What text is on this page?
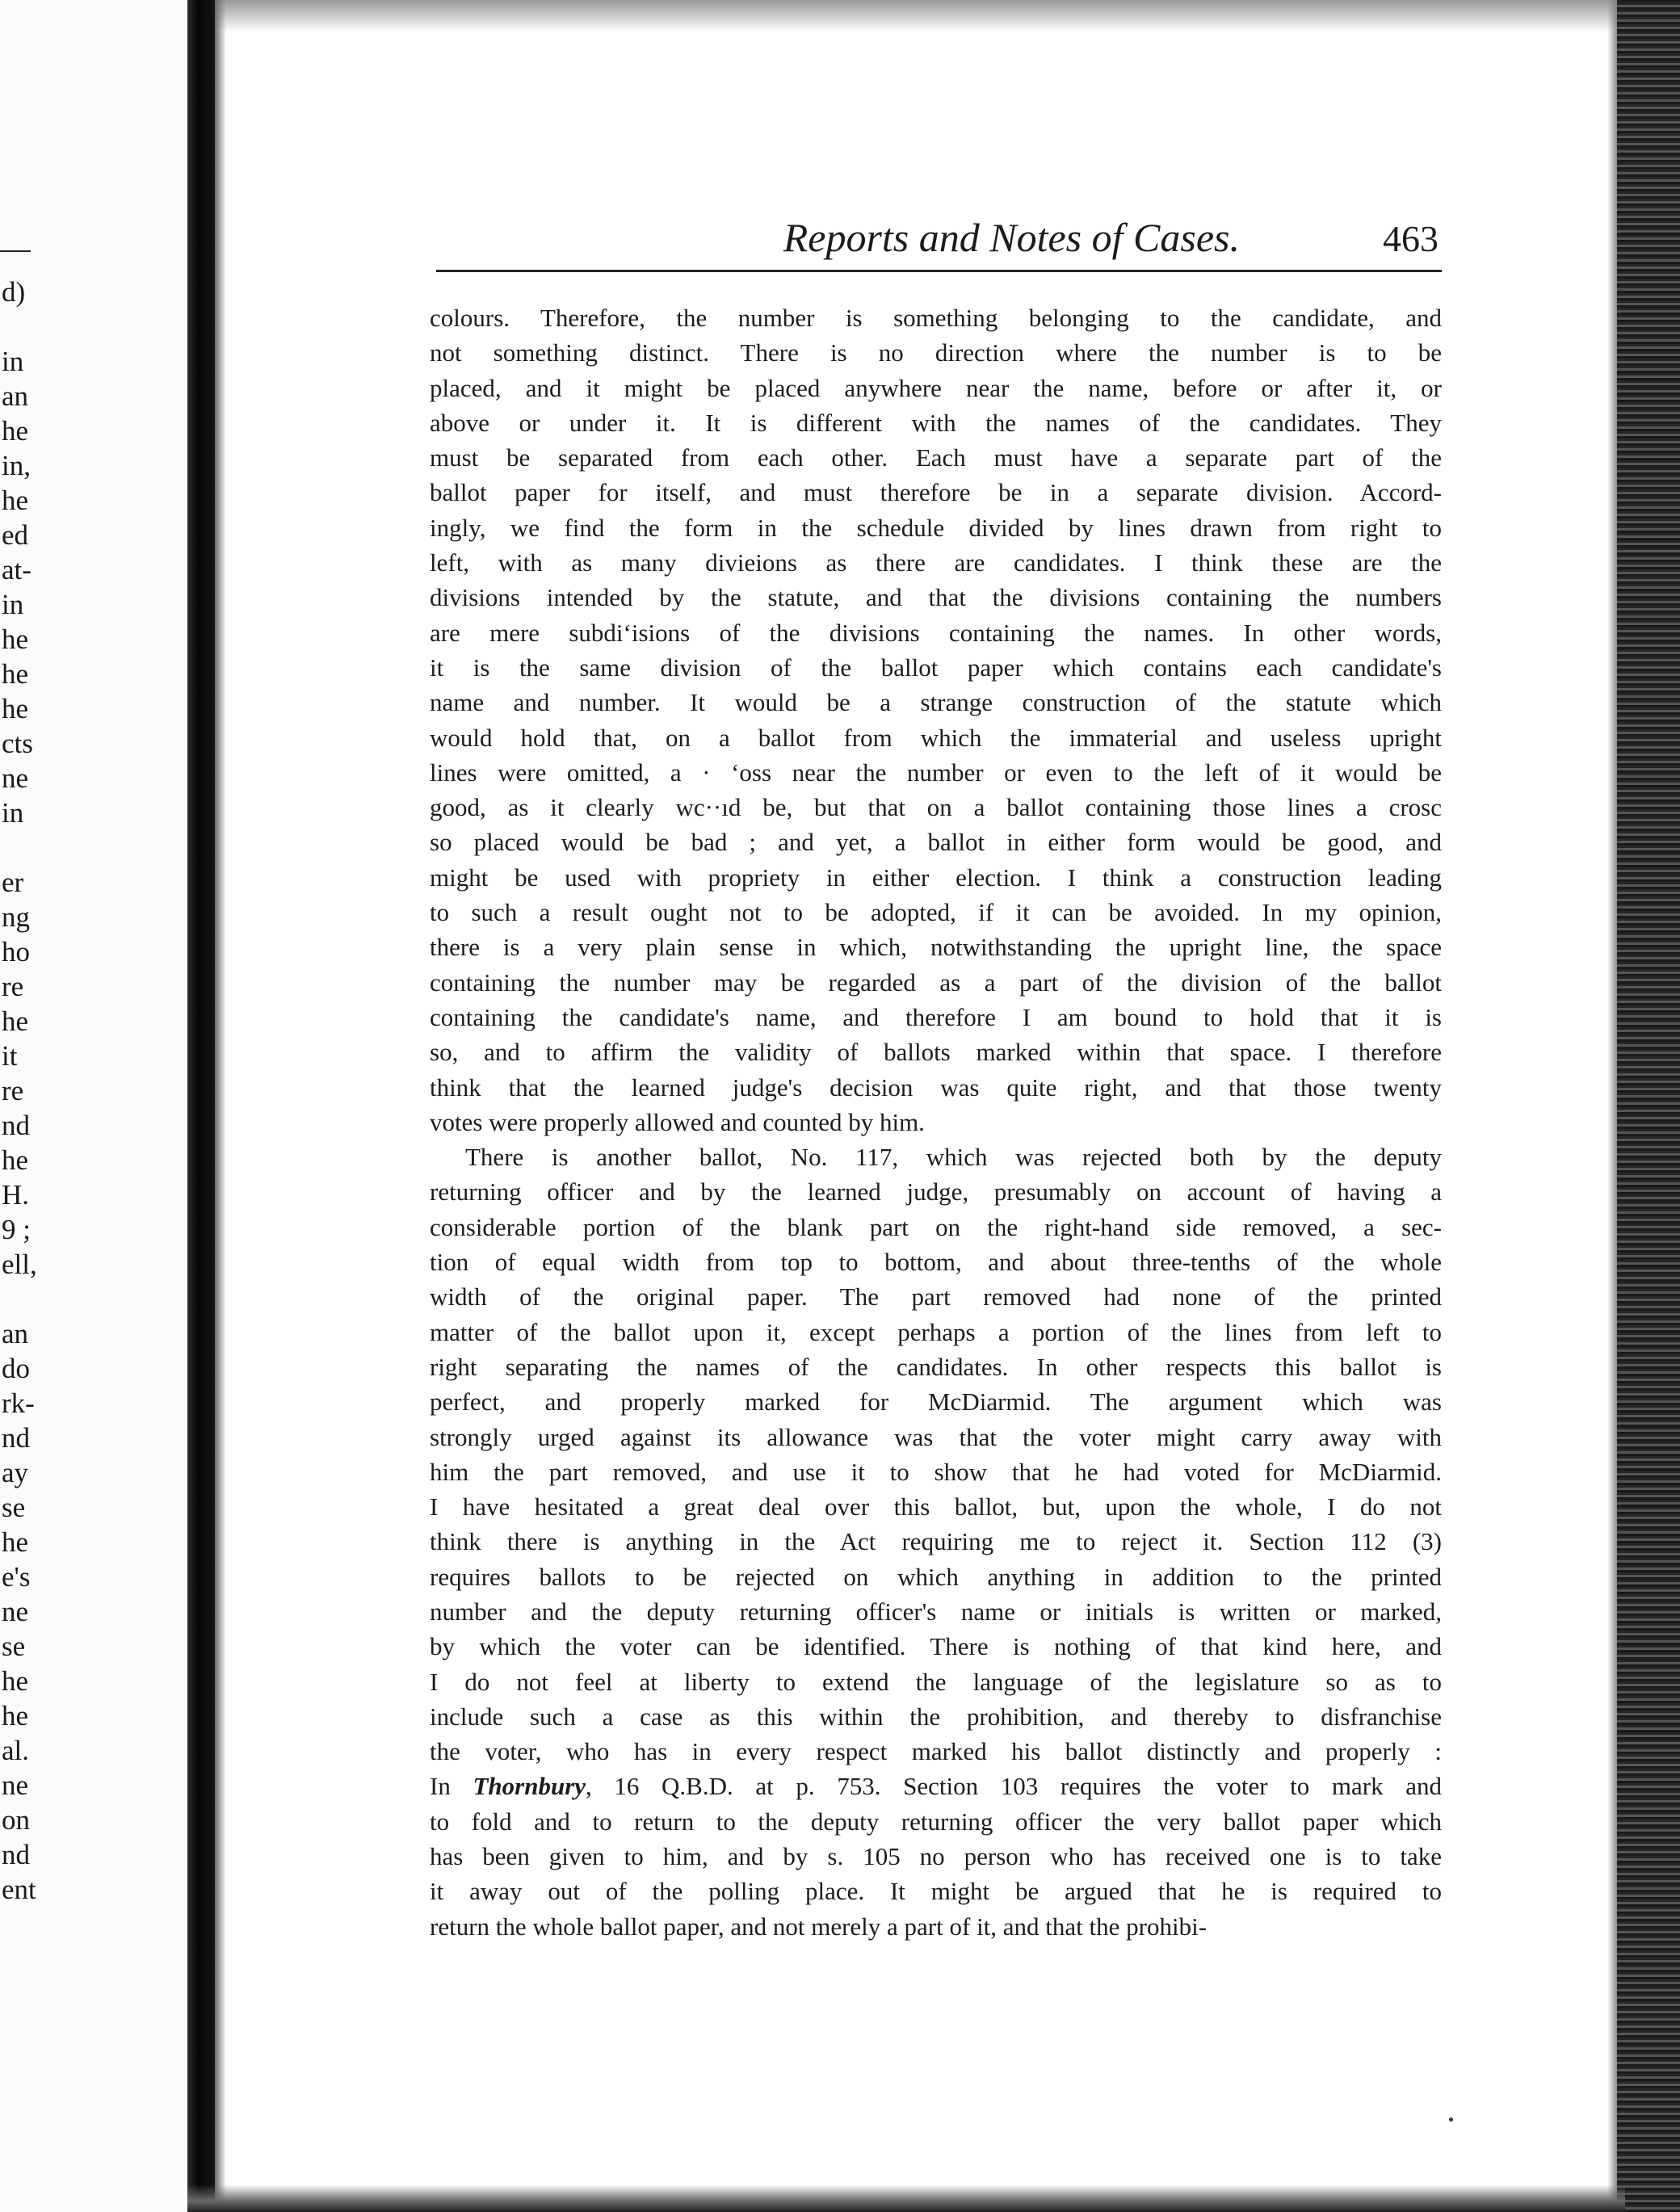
d)
in
an
he
in,
he
ed
at-
in
he
he
he
cts
ne
in
er
ng
ho
re
he
it
re
nd
he
H.
9 ;
ell,
an
do
rk-
nd
ay
se
he
e's
ne
se
he
he
al.
ne
on
nd
ent
Reports and Notes of Cases.	463
colours. Therefore, the number is something belonging to the candidate, and
not something distinct. There is no direction where the number is to be
placed, and it might be placed anywhere near the name, before or after it, or
above or under it. It is different with the names of the candidates. They
must be separated from each other. Each must have a separate part of the
ballot paper for itself, and must therefore be in a separate division. Accord-
ingly, we find the form in the schedule divided by lines drawn from right to
left, with as many divieions as there are candidates. I think these are the
divisions intended by the statute, and that the divisions containing the numbers
are mere subdi‘isions of the divisions containing the names. In other words,
it is the same division of the ballot paper which contains each candidate's
name and number. It would be a strange construction of the statute which
would hold that, on a ballot from which the immaterial and useless upright
lines were omitted, a · ‘oss near the number or even to the left of it would be
good, as it clearly wc··ıd be, but that on a ballot containing those lines a crosc
so placed would be bad ; and yet, a ballot in either form would be good, and
might be used with propriety in either election. I think a construction leading
to such a result ought not to be adopted, if it can be avoided. In my opinion,
there is a very plain sense in which, notwithstanding the upright line, the space
containing the number may be regarded as a part of the division of the ballot
containing the candidate's name, and therefore I am bound to hold that it is
so, and to affirm the validity of ballots marked within that space. I therefore
think that the learned judge's decision was quite right, and that those twenty
votes were properly allowed and counted by him.
There is another ballot, No. 117, which was rejected both by the deputy
returning officer and by the learned judge, presumably on account of having a
considerable portion of the blank part on the right-hand side removed, a sec-
tion of equal width from top to bottom, and about three-tenths of the whole
width of the original paper. The part removed had none of the printed
matter of the ballot upon it, except perhaps a portion of the lines from left to
right separating the names of the candidates. In other respects this ballot is
perfect, and properly marked for McDiarmid. The argument which was
strongly urged against its allowance was that the voter might carry away with
him the part removed, and use it to show that he had voted for McDiarmid.
I have hesitated a great deal over this ballot, but, upon the whole, I do not
think there is anything in the Act requiring me to reject it. Section 112 (3)
requires ballots to be rejected on which anything in addition to the printed
number and the deputy returning officer's name or initials is written or marked,
by which the voter can be identified. There is nothing of that kind here, and
I do not feel at liberty to extend the language of the legislature so as to
include such a case as this within the prohibition, and thereby to disfranchise
the voter, who has in every respect marked his ballot distinctly and properly :
In Thornbury, 16 Q.B.D. at p. 753. Section 103 requires the voter to mark and
to fold and to return to the deputy returning officer the very ballot paper which
has been given to him, and by s. 105 no person who has received one is to take
it away out of the polling place. It might be argued that he is required to
return the whole ballot paper, and not merely a part of it, and that the prohibi-
